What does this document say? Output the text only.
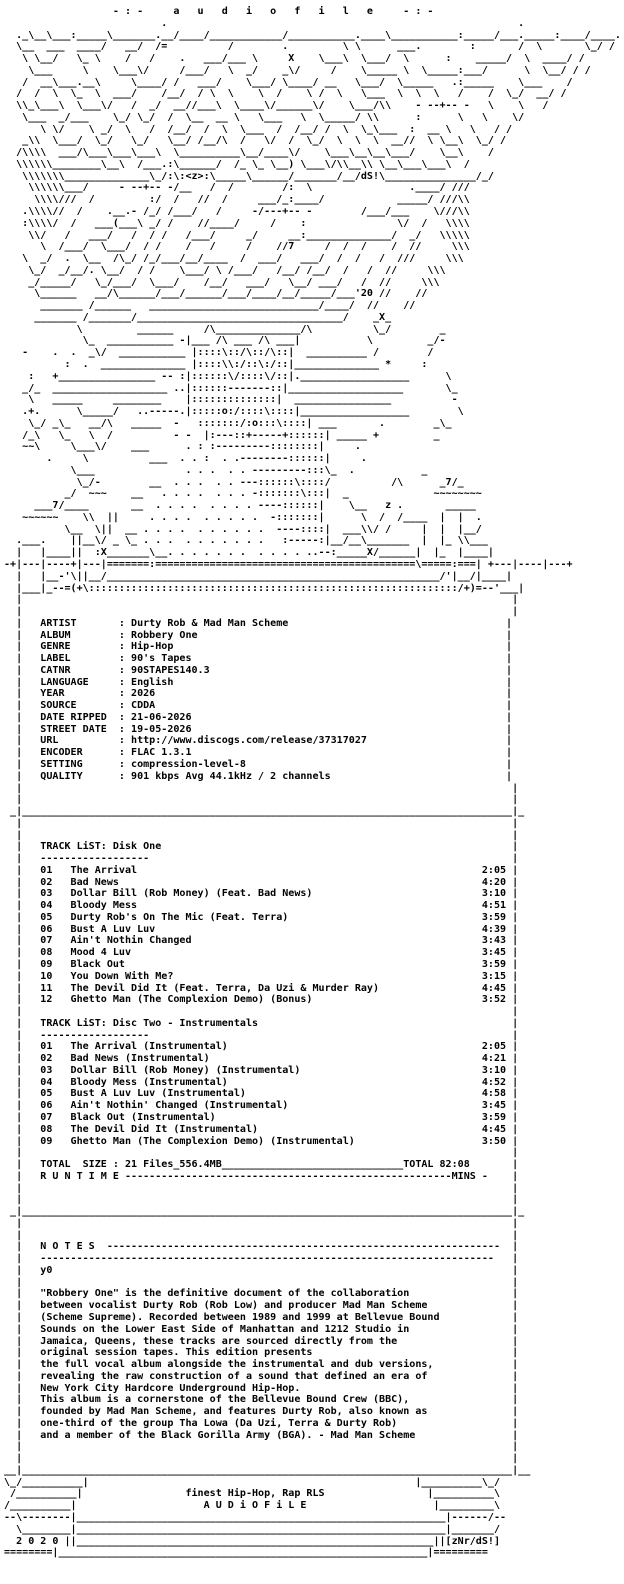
- : -     a   u   d   i   o   f   i   l   e     - : -
.                                                          .
._\__\___:_____\_______.__/____/____________/___________.____\___________:_____/___._____:____/____.
\__  ___  ____/   __/  /=          /        .         \ \      ___.        :       /  \       \_/ /
\ \__/   \_ \    /   /    .   ___/___ \     X    \___\  \___/  \      :    _____/  \  ____/ /
\___     \    \___\/     /___/   \  _/    _\/     /    \_____ \  \_____:___/      \  \__/ / /
/  __\___.__\     \____/ /   ___/    \___/ \____/ __   \___/  \_____   .:_____    \___    /
/  /  \  \_  \  ___/    /__/  / \  \    \  /    \ /  \   \___  \  \  \   /    /  \_/  __/ /
\\_\___\  \___\/   /  _/  __//___\  \____\/______\/    \___/\\    - --+-- -   \    \   /
\___  _/___    \_/ \_/  /  \__  __ \   \___   \  \_____/ \\      :      \   \    \/
\ \/    \ _/  \   /  /__/  /  \  \___  /  /__/ /  \  \_\___  :  __ \   \   / /
_\\  \___/  \_/   \_/   \__/ /__/\  /   \/  /  \_/  \  \  \  __//  \ \__\  \_/ /
/\\\\  ___/\___\___\___\  \__________\__/____\/    \___\__\__\___/    \__\    /
\\\\\\________\__\  /___.:\______/  /_ \_ \__) \___\/\\__\\ \__\___\___\  /
\\\\\\\______________\_/:\:<z>:\_____\______/_______/__/dS!\_______________/_/
\\\\\\___/     - --+-- -/__   /  /        /:  \                .____/ ///
\\\\///  /         :/  /   //  /     ___/_:____/            _____/ ///\\
.\\\\//  /    .__.- /_/ /___/   /     -/---+-- -        /___/___    \///\\
:\\\\/  /   ___(___\ _/ /    //____/     /    :               \/  /   \\\\
\\/   /   ___/   /  / /   /___/     _/     __:______________/  _/   \\\\\
\  /___/  \___/  / /    /   /     /    //7     /  /  /    /  //     \\\
\  _/  .  \__  /\_/ /_/___/__/____  /  ___/   ___/  /  /   /  ///     \\\
\_/  _/__/. \__/  / /    \___/ \ /___/   /__/ /__/  /   /  //     \\\
_/_____/   \_/___/  \___/    /__/   ___/   \__/ ___/   /  //     \\\
\______   __/\______/___/______/___/____/__/_____/___'20 //    //
_______ /______   ____________________________/____/  //    //
_______ /_______/__________________________________/    _X_
\         ______     /\______________/\          \_/        _
\_  ___________ -|___ /\ ___ /\ ___|           \         _/-
-    .  .  _\/  ___________ |::::\::/\::/\::|  __________ /        /
:  .  ______________ |::::\\:/::\:/::|______________ *     :
:   +________________ -- :|::::::\/::::\/::|.__________________      \
_/_  ___________________ ..|::::::-------::|___________________       \_
\   _____     ________    |::::::::::::::|  ________________          -
.+.      \_____/   ..-----.|:::::o:/::::\::::|__________________        \
\_/ _\_   __/\   _____  -   :::::::/:o:::\::::| ___       .        _\_
/_\   \_   \  /          - -  |:---::+-----+::::::| _____ +         _
~~\     \___\/    ___      . : :---------::::::::|     .
.     \          ___  . . :  . .--------::::::|     .
\___               . . .  . . ---------:::\_  .           _
\_/-        __  . . .  . . ---::::::\::::/          /\      _7/_
_/  ~~~    __   . . . .  . . . -:::::::\:::|  _              ~~~~~~~~
___7/____       __  . . . .  . . . . ----::::::|    \__   z .       _____
~~~~~~    \\  ||     . . . .  . . . . .  -:::::::|      \  /  /____  |  |  .
\__  \||  __ . . . .  . . . . . .  ----::::|  ___\\/ /     |  |  |__/
.___.    ||__\/ _ \_ . . .  . . . . . . .   :-----:|__/__\_______  |  |_ \\___
|   |____||  :X_______\__. . . . . . .  . . . . ..--:_____X/______|  |_  |____|
-+|---|----+|---|=======:===========================================\=====:===| +---|----|---+
|   |__-'\||__/_______________________________________________________/'|__/|____|
|___|_--=(+\:::::::::::::::::::::::::::::::::::::::::::::::::::::::::::::/+)=--'___|
|                                                                                 |
|                                                                                 |
|   ARTIST       : Durty Rob & Mad Man Scheme                                    |
|   ALBUM        : Robbery One                                                   |
|   GENRE        : Hip-Hop                                                       |
|   LABEL        : 90's Tapes                                                    |
|   CATNR        : 90STAPES140.3                                                 |
|   LANGUAGE     : English                                                       |
|   YEAR         : 2026                                                          |
|   SOURCE       : CDDA                                                          |
|   DATE RIPPED  : 21-06-2026                                                    |
|   STREET DATE  : 19-05-2026                                                    |
|   URL          : http://www.discogs.com/release/37317027                       |
|   ENCODER      : FLAC 1.3.1                                                    |
|   SETTING      : compression-level-8                                           |
|   QUALITY      : 901 kbps Avg 44.1kHz / 2 channels                             |
|                                                                                 |
|                                                                                 |
_|_________________________________________________________________________________|_
|                                                                                 |
|                                                                                 |
|   TRACK LiST: Disk One                                                          |
|   ------------------                                                            |
|   01   The Arrival                                                         2:05 |
|   02   Bad News                                                            4:20 |
|   03   Dollar Bill (Rob Money) (Feat. Bad News)                            3:10 |
|   04   Bloody Mess                                                         4:51 |
|   05   Durty Rob's On The Mic (Feat. Terra)                                3:59 |
|   06   Bust A Luv Luv                                                      4:39 |
|   07   Ain't Nothin Changed                                                3:43 |
|   08   Mood 4 Luv                                                          3:45 |
|   09   Black Out                                                           3:59 |
|   10   You Down With Me?                                                   3:15 |
|   11   The Devil Did It (Feat. Terra, Da Uzi & Murder Ray)                 4:45 |
|   12   Ghetto Man (The Complexion Demo) (Bonus)                            3:52 |
|                                                                                 |
|   TRACK LiST: Disc Two - Instrumentals                                          |
|   ------------------                                                            |
|   01   The Arrival (Instrumental)                                          2:05 |
|   02   Bad News (Instrumental)                                             4:21 |
|   03   Dollar Bill (Rob Money) (Instrumental)                              3:10 |
|   04   Bloody Mess (Instrumental)                                          4:52 |
|   05   Bust A Luv Luv (Instrumental)                                       4:58 |
|   06   Ain't Nothin' Changed (Instrumental)                                3:45 |
|   07   Black Out (Instrumental)                                            3:59 |
|   08   The Devil Did It (Instrumental)                                     4:45 |
|   09   Ghetto Man (The Complexion Demo) (Instrumental)                     3:50 |
|                                                                                 |
|   TOTAL  SIZE : 21 Files_556.4MB______________________________TOTAL 82:08       |
|   R U N T I M E ------------------------------------------------------MINS -    |
|                                                                                 |
|                                                                                 |
_|_________________________________________________________________________________|_
|                                                                                 |
|                                                                                 |
|   N O T E S  -----------------------------------------------------------------  |
|   ---------------------------------------------------------------------------   |
|   y0                                                                            |
|                                                                                 |
|   "Robbery One" is the definitive document of the collaboration                 |
|   between vocalist Durty Rob (Rob Low) and producer Mad Man Scheme              |
|   (Scheme Supreme). Recorded between 1989 and 1999 at Bellevue Bound            |
|   Sounds on the Lower East Side of Manhattan and 1212 Studio in                 |
|   Jamaica, Queens, these tracks are sourced directly from the                   |
|   original session tapes. This edition presents                                 |
|   the full vocal album alongside the instrumental and dub versions,             |
|   revealing the raw construction of a sound that defined an era of              |
|   New York City Hardcore Underground Hip-Hop.                                   |
|   This album is a cornerstone of the Bellevue Bound Crew (BBC),                 |
|   founded by Mad Man Scheme, and features Durty Rob, also known as              |
|   one-third of the group Tha Lowa (Da Uzi, Terra & Durty Rob)                   |
|   and a member of the Black Gorilla Army (BGA). - Mad Man Scheme                |
|                                                                                 |
|                                                                                 |
__|_________________________________________________________________________________|__
\_/__________|                                                      |__________\_/
/__________|                 finest Hip-Hop, Rap RLS                 |__________\
/__________|                     A U D i O F i L E                     |_________\
--\--------|_____________________________________________________________|------/--
\________|_____________________________________________________________|_______/
2 0 2 0 ||___________________________________________________________||[zNr/dS!]
========|_____________________________________________________________|=========
